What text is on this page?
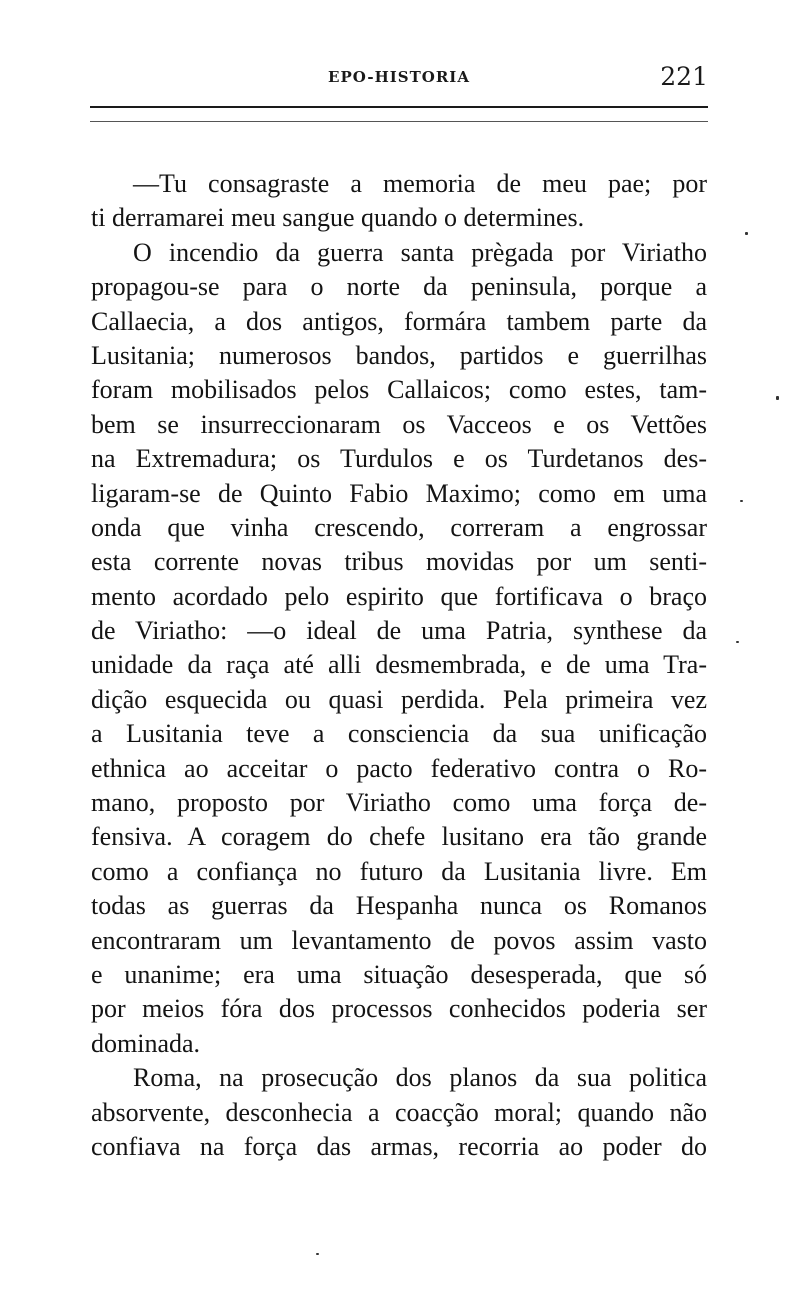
EPO-HISTORIA	221
—Tu consagraste a memoria de meu pae; por
ti derramarei meu sangue quando o determines.
O incendio da guerra santa prègada por Viriatho
propagou-se para o norte da peninsula, porque a
Callaecia, a dos antigos, formára tambem parte da
Lusitania; numerosos bandos, partidos e guerrilhas
foram mobilisados pelos Callaicos; como estes, tam-
bem se insurreccionaram os Vacceos e os Vettões
na Extremadura; os Turdulos e os Turdetanos des-
ligaram-se de Quinto Fabio Maximo; como em uma
onda que vinha crescendo, correram a engrossar
esta corrente novas tribus movidas por um senti-
mento acordado pelo espirito que fortificava o braço
de Viriatho: —o ideal de uma Patria, synthese da
unidade da raça até alli desmembrada, e de uma Tra-
dição esquecida ou quasi perdida. Pela primeira vez
a Lusitania teve a consciencia da sua unificação
ethnica ao acceitar o pacto federativo contra o Ro-
mano, proposto por Viriatho como uma força de-
fensiva. A coragem do chefe lusitano era tão grande
como a confiança no futuro da Lusitania livre. Em
todas as guerras da Hespanha nunca os Romanos
encontraram um levantamento de povos assim vasto
e unanime; era uma situação desesperada, que só
por meios fóra dos processos conhecidos poderia ser
dominada.
Roma, na prosecução dos planos da sua politica
absorvente, desconhecia a coacção moral; quando não
confiava na força das armas, recorria ao poder do
